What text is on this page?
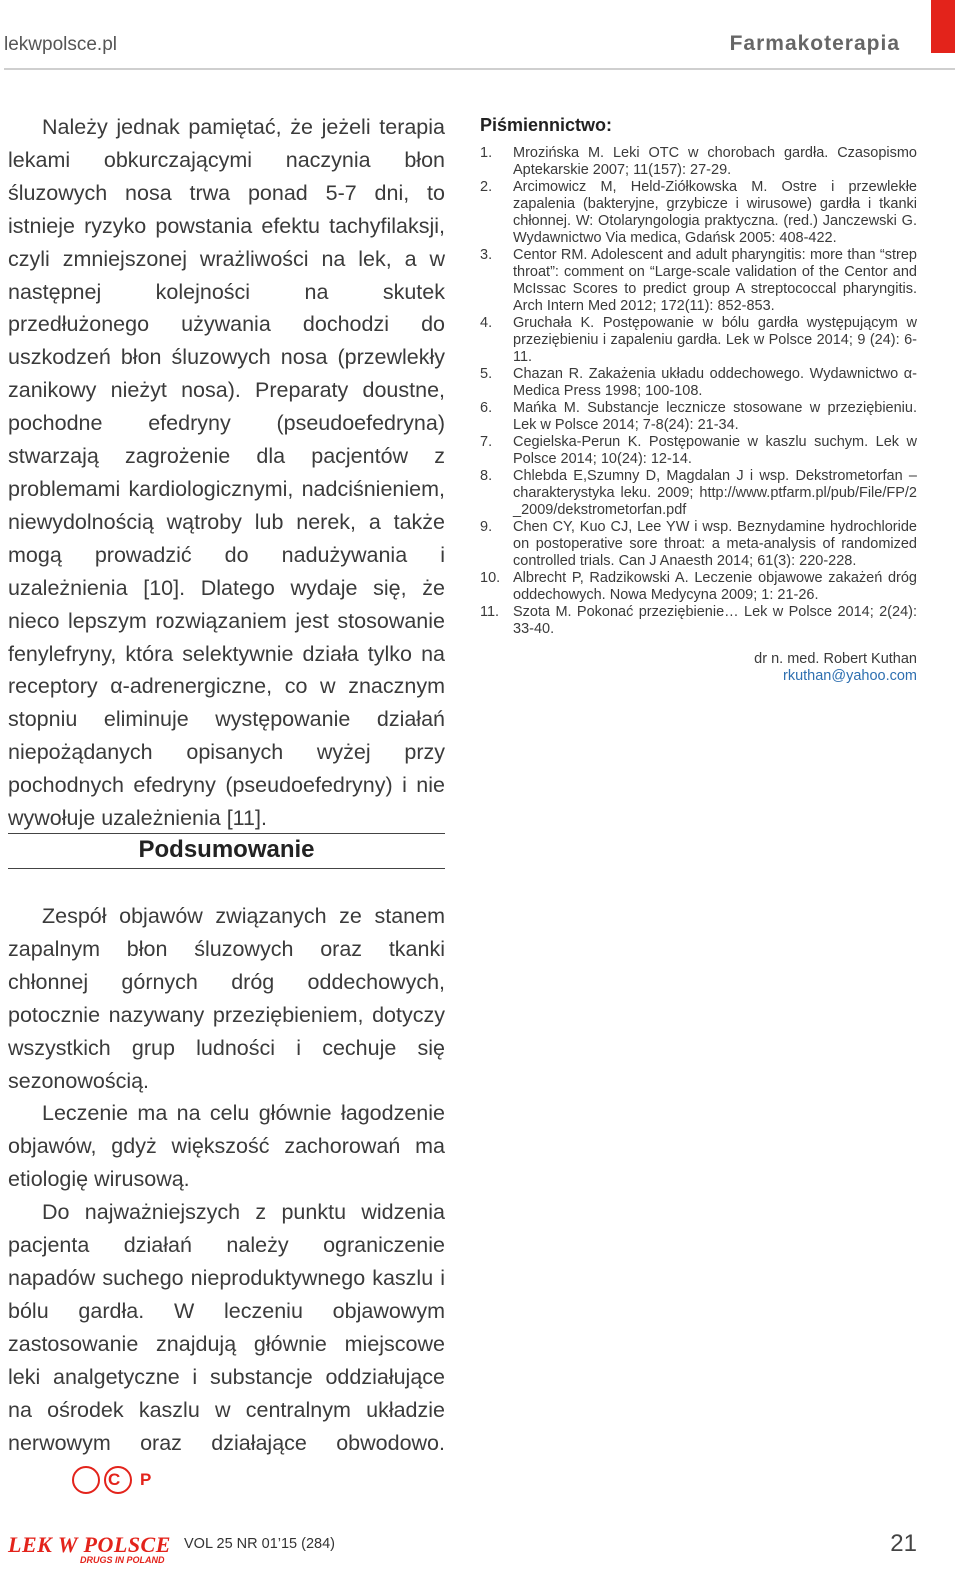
lekwpolsce.pl	Farmakoterapia

Należy jednak pamiętać, że jeżeli terapia lekami obkurczającymi naczynia błon śluzowych nosa trwa ponad 5-7 dni, to istnieje ryzyko powstania efektu tachyfilaksji, czyli zmniejszonej wrażliwości na lek, a w następnej kolejności na skutek przedłużonego używania dochodzi do uszkodzeń błon śluzowych nosa (przewlekły zanikowy nieżyt nosa). Preparaty doustne, pochodne efedryny (pseudoefedryna) stwarzają zagrożenie dla pacjentów z problemami kardiologicznymi, nadciśnieniem, niewydolnością wątroby lub nerek, a także mogą prowadzić do nadużywania i uzależnienia [10]. Dlatego wydaje się, że nieco lepszym rozwiązaniem jest stosowanie fenylefryny, która selektywnie działa tylko na receptory α-adrenergiczne, co w znacznym stopniu eliminuje występowanie działań niepożądanych opisanych wyżej przy pochodnych efedryny (pseudoefedryny) i nie wywołuje uzależnienia [11].

Podsumowanie

Zespół objawów związanych ze stanem zapalnym błon śluzowych oraz tkanki chłonnej górnych dróg oddechowych, potocznie nazywany przeziębieniem, dotyczy wszystkich grup ludności i cechuje się sezonowością.

Leczenie ma na celu głównie łagodzenie objawów, gdyż większość zachorowań ma etiologię wirusową.

Do najważniejszych z punktu widzenia pacjenta działań należy ograniczenie napadów suchego nieproduktywnego kaszlu i bólu gardła. W leczeniu objawowym zastosowanie znajdują głównie miejscowe leki analgetyczne i substancje oddziałujące na ośrodek kaszlu w centralnym układzie nerwowym oraz działające obwodowo.C P

Piśmiennictwo:
1. Mrozińska M. Leki OTC w chorobach gardła. Czasopismo Aptekarskie 2007; 11(157): 27-29.
2. Arcimowicz M, Held-Ziółkowska M. Ostre i przewlekłe zapalenia (bakteryjne, grzybicze i wirusowe) gardła i tkanki chłonnej. W: Otolaryngologia praktyczna. (red.) Janczewski G. Wydawnictwo Via medica, Gdańsk 2005: 408-422.
3. Centor RM. Adolescent and adult pharyngitis: more than “strep throat”: comment on “Large-scale validation of the Centor and McIssac Scores to predict group A streptococcal pharyngitis. Arch Intern Med 2012; 172(11): 852-853.
4. Gruchała K. Postępowanie w bólu gardła występującym w przeziębieniu i zapaleniu gardła. Lek w Polsce 2014; 9 (24): 6-11.
5. Chazan R. Zakażenia układu oddechowego. Wydawnictwo α-Medica Press 1998; 100-108.
6. Mańka M. Substancje lecznicze stosowane w przeziębieniu. Lek w Polsce 2014; 7-8(24): 21-34.
7. Cegielska-Perun K. Postępowanie w kaszlu suchym. Lek w Polsce 2014; 10(24): 12-14.
8. Chlebda E,Szumny D, Magdalan J i wsp. Dekstrometorfan – charakterystyka leku. 2009; http://www.ptfarm.pl/pub/File/FP/2 _2009/dekstrometorfan.pdf
9. Chen CY, Kuo CJ, Lee YW i wsp. Beznydamine hydrochloride on postoperative sore throat: a meta-analysis of randomized controlled trials. Can J Anaesth 2014; 61(3): 220-228.
10. Albrecht P, Radzikowski A. Leczenie objawowe zakażeń dróg oddechowych. Nowa Medycyna 2009; 1: 21-26.
11. Szota M. Pokonać przeziębienie… Lek w Polsce 2014; 2(24): 33-40.
dr n. med. Robert Kuthan
rkuthan@yahoo.com
LEK W POLSCE
DRUGS IN POLAND
VOL 25 NR 01’15 (284)	21
